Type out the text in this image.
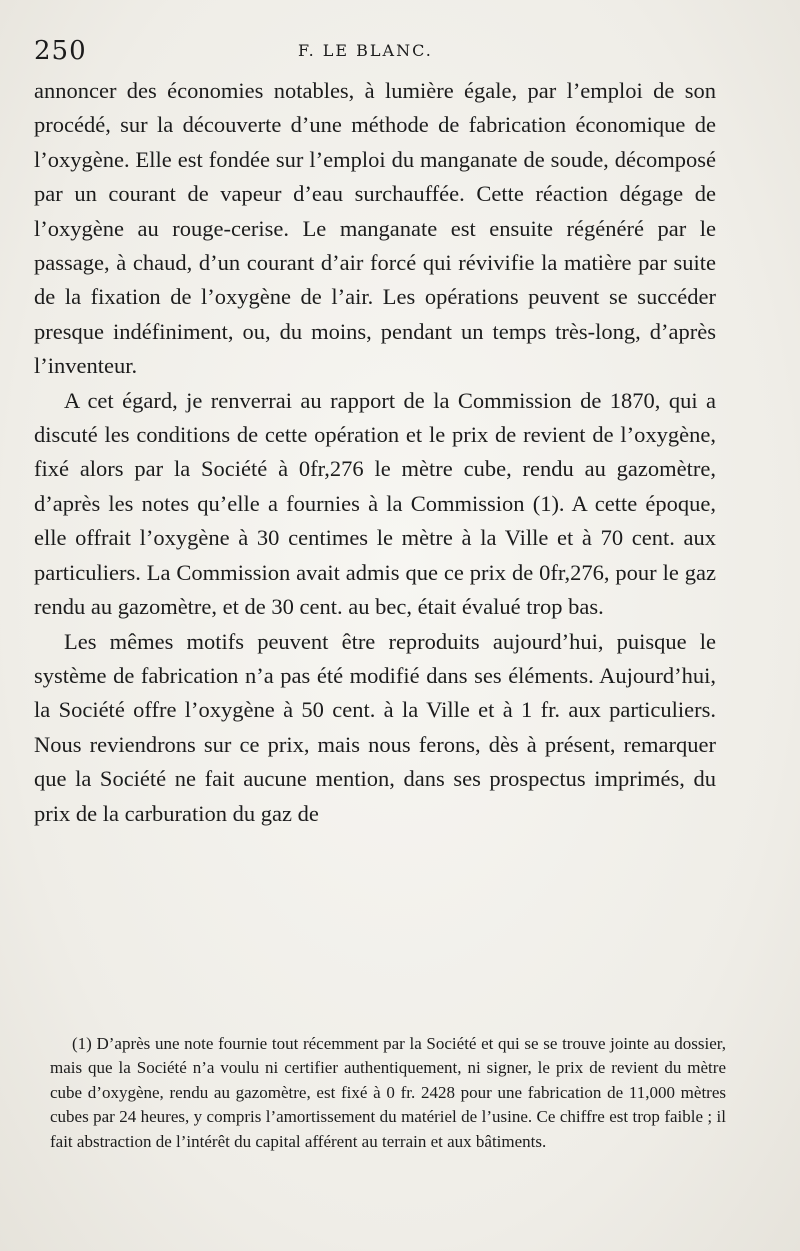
250	F. LE BLANC.

annoncer des économies notables, à lumière égale, par l’emploi de son procédé, sur la découverte d’une méthode de fabrication économique de l’oxygène. Elle est fondée sur l’emploi du manganate de soude, décomposé par un courant de vapeur d’eau surchauffée. Cette réaction dégage de l’oxygène au rouge-cerise. Le manganate est ensuite régénéré par le passage, à chaud, d’un courant d’air forcé qui révivifie la matière par suite de la fixation de l’oxygène de l’air. Les opérations peuvent se succéder presque indéfiniment, ou, du moins, pendant un temps très-long, d’après l’inventeur.

A cet égard, je renverrai au rapport de la Commission de 1870, qui a discuté les conditions de cette opération et le prix de revient de l’oxygène, fixé alors par la Société à 0fr,276 le mètre cube, rendu au gazomètre, d’après les notes qu’elle a fournies à la Commission (1). A cette époque, elle offrait l’oxygène à 30 centimes le mètre à la Ville et à 70 cent. aux particuliers. La Commission avait admis que ce prix de 0fr,276, pour le gaz rendu au gazomètre, et de 30 cent. au bec, était évalué trop bas.

Les mêmes motifs peuvent être reproduits aujourd’hui, puisque le système de fabrication n’a pas été modifié dans ses éléments. Aujourd’hui, la Société offre l’oxygène à 50 cent. à la Ville et à 1 fr. aux particuliers. Nous reviendrons sur ce prix, mais nous ferons, dès à présent, remarquer que la Société ne fait aucune mention, dans ses prospectus imprimés, du prix de la carburation du gaz de

(1) D’après une note fournie tout récemment par la Société et qui se se trouve jointe au dossier, mais que la Société n’a voulu ni certifier authentiquement, ni signer, le prix de revient du mètre cube d’oxygène, rendu au gazomètre, est fixé à 0 fr. 2428 pour une fabrication de 11,000 mètres cubes par 24 heures, y compris l’amortissement du matériel de l’usine. Ce chiffre est trop faible ; il fait abstraction de l’intérêt du capital afférent au terrain et aux bâtiments.
